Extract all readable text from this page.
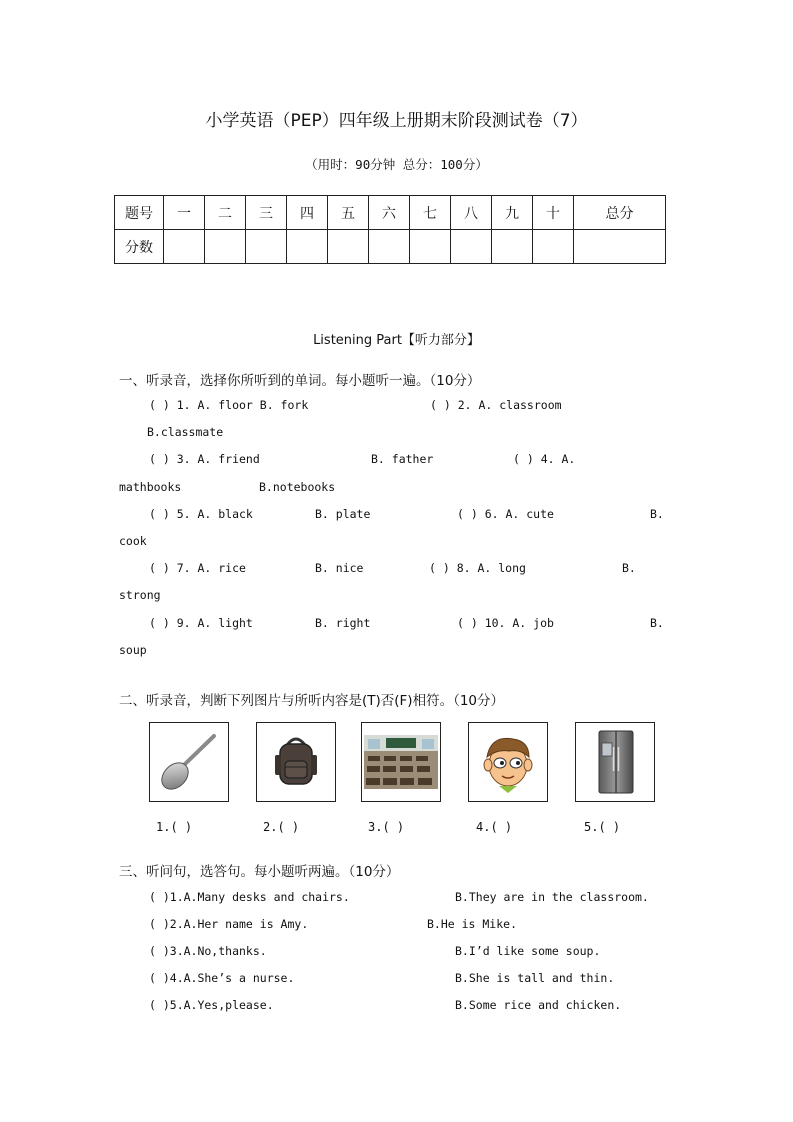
小学英语（PEP）四年级上册期末阶段测试卷（7）
（用时：90分钟 总分：100分）
题号	一	二	三	四	五	六	七	八	九	十	总分
分数											
Listening Part【听力部分】
一、听录音，选择你所听到的单词。每小题听一遍。（10分）
( ) 1. A. floor B. fork	( ) 2. A. classroom
B.classmate
( ) 3. A. friend	B. father	( ) 4. A.
mathbooks	B.notebooks
( ) 5. A. black	B. plate	( ) 6. A. cute	B.
cook
( ) 7. A. rice	B. nice	( ) 8. A. long	B.
strong
( ) 9. A. light	B. right	( ) 10. A. job	B.
soup
二、听录音，判断下列图片与所听内容是(T)否(F)相符。（10分）
1.( )	2.( )	3.( )	4.( )	5.( )
三、听问句，选答句。每小题听两遍。（10分）
( )1.A.Many desks and chairs.	B.They are in the classroom.
( )2.A.Her name is Amy.	B.He is Mike.
( )3.A.No,thanks.	B.I’d like some soup.
( )4.A.She’s a nurse.	B.She is tall and thin.
( )5.A.Yes,please.	B.Some rice and chicken.
